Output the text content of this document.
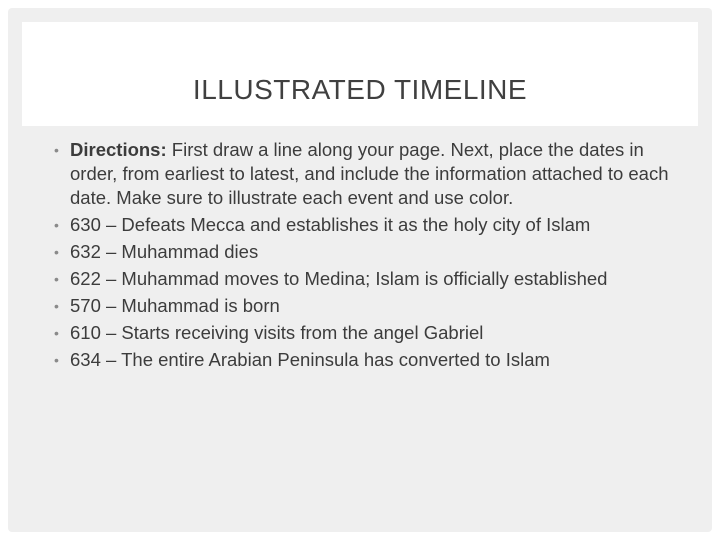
ILLUSTRATED TIMELINE
• Directions: First draw a line along your page. Next, place the dates in order, from earliest to latest, and include the information attached to each date. Make sure to illustrate each event and use color.
• 630 – Defeats Mecca and establishes it as the holy city of Islam
• 632 – Muhammad dies
• 622 – Muhammad moves to Medina; Islam is officially established
• 570 – Muhammad is born
• 610 – Starts receiving visits from the angel Gabriel
• 634 – The entire Arabian Peninsula has converted to Islam
